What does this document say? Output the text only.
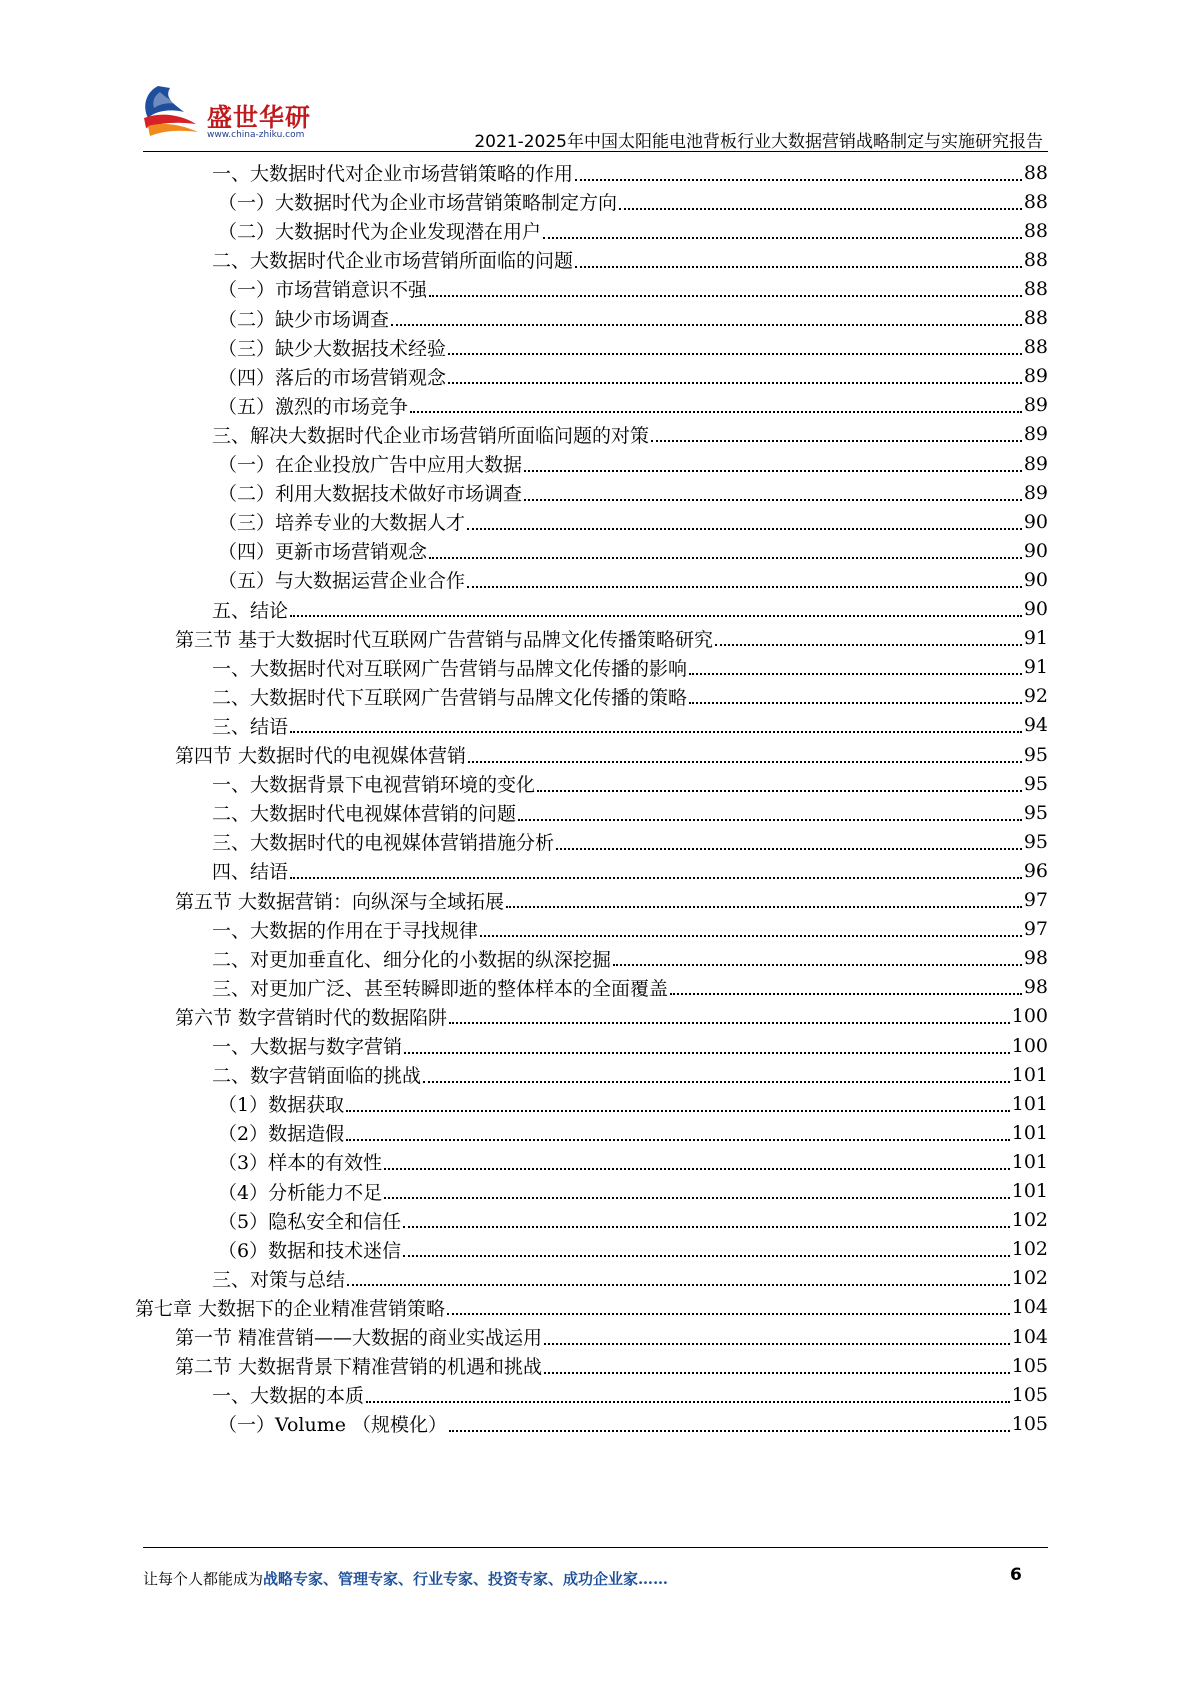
盛世华研
www.china-zhiku.com	2021-2025年中国太阳能电池背板行业大数据营销战略制定与实施研究报告
一、大数据时代对企业市场营销策略的作用	88
（一）大数据时代为企业市场营销策略制定方向	88
（二）大数据时代为企业发现潜在用户	88
二、大数据时代企业市场营销所面临的问题	88
（一）市场营销意识不强	88
（二）缺少市场调查	88
（三）缺少大数据技术经验	88
（四）落后的市场营销观念	89
（五）激烈的市场竞争	89
三、解决大数据时代企业市场营销所面临问题的对策	89
（一）在企业投放广告中应用大数据	89
（二）利用大数据技术做好市场调查	89
（三）培养专业的大数据人才	90
（四）更新市场营销观念	90
（五）与大数据运营企业合作	90
五、结论	90
第三节 基于大数据时代互联网广告营销与品牌文化传播策略研究	91
一、大数据时代对互联网广告营销与品牌文化传播的影响	91
二、大数据时代下互联网广告营销与品牌文化传播的策略	92
三、结语	94
第四节 大数据时代的电视媒体营销	95
一、大数据背景下电视营销环境的变化	95
二、大数据时代电视媒体营销的问题	95
三、大数据时代的电视媒体营销措施分析	95
四、结语	96
第五节 大数据营销：向纵深与全域拓展	97
一、大数据的作用在于寻找规律	97
二、对更加垂直化、细分化的小数据的纵深挖掘	98
三、对更加广泛、甚至转瞬即逝的整体样本的全面覆盖	98
第六节 数字营销时代的数据陷阱	100
一、大数据与数字营销	100
二、数字营销面临的挑战	101
（1）数据获取	101
（2）数据造假	101
（3）样本的有效性	101
（4）分析能力不足	101
（5）隐私安全和信任	102
（6）数据和技术迷信	102
三、对策与总结	102
第七章 大数据下的企业精准营销策略	104
第一节 精准营销——大数据的商业实战运用	104
第二节 大数据背景下精准营销的机遇和挑战	105
一、大数据的本质	105
（一）Volume （规模化）	105
让每个人都能成为战略专家、管理专家、行业专家、投资专家、成功企业家……	6
